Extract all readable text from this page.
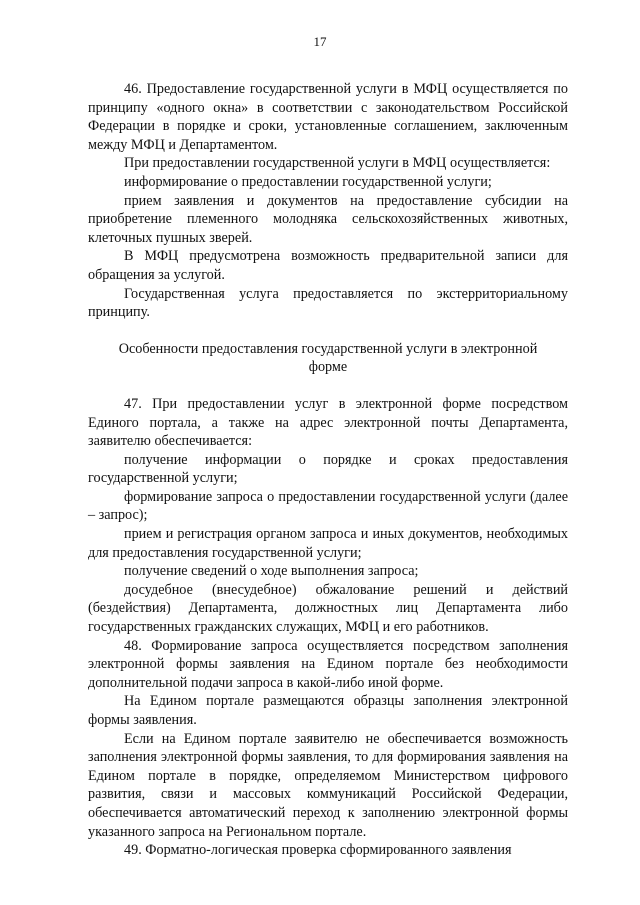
17

46. Предоставление государственной услуги в МФЦ осуществляется по принципу «одного окна» в соответствии с законодательством Российской Федерации в порядке и сроки, установленные соглашением, заключенным между МФЦ и Департаментом.

При предоставлении государственной услуги в МФЦ осуществляется:

информирование о предоставлении государственной услуги;

прием заявления и документов на предоставление субсидии на приобретение племенного молодняка сельскохозяйственных животных, клеточных пушных зверей.

В МФЦ предусмотрена возможность предварительной записи для обращения за услугой.

Государственная услуга предоставляется по экстерриториальному принципу.

Особенности предоставления государственной услуги в электронной форме

47. При предоставлении услуг в электронной форме посредством Единого портала, а также на адрес электронной почты Департамента, заявителю обеспечивается:

получение информации о порядке и сроках предоставления государственной услуги;

формирование запроса о предоставлении государственной услуги (далее – запрос);

прием и регистрация органом запроса и иных документов, необходимых для предоставления государственной услуги;

получение сведений о ходе выполнения запроса;

досудебное (внесудебное) обжалование решений и действий (бездействия) Департамента, должностных лиц Департамента либо государственных гражданских служащих, МФЦ и его работников.

48. Формирование запроса осуществляется посредством заполнения электронной формы заявления на Едином портале без необходимости дополнительной подачи запроса в какой-либо иной форме.

На Едином портале размещаются образцы заполнения электронной формы заявления.

Если на Едином портале заявителю не обеспечивается возможность заполнения электронной формы заявления, то для формирования заявления на Едином портале в порядке, определяемом Министерством цифрового развития, связи и массовых коммуникаций Российской Федерации, обеспечивается автоматический переход к заполнению электронной формы указанного запроса на Региональном портале.

49. Форматно-логическая проверка сформированного заявления
